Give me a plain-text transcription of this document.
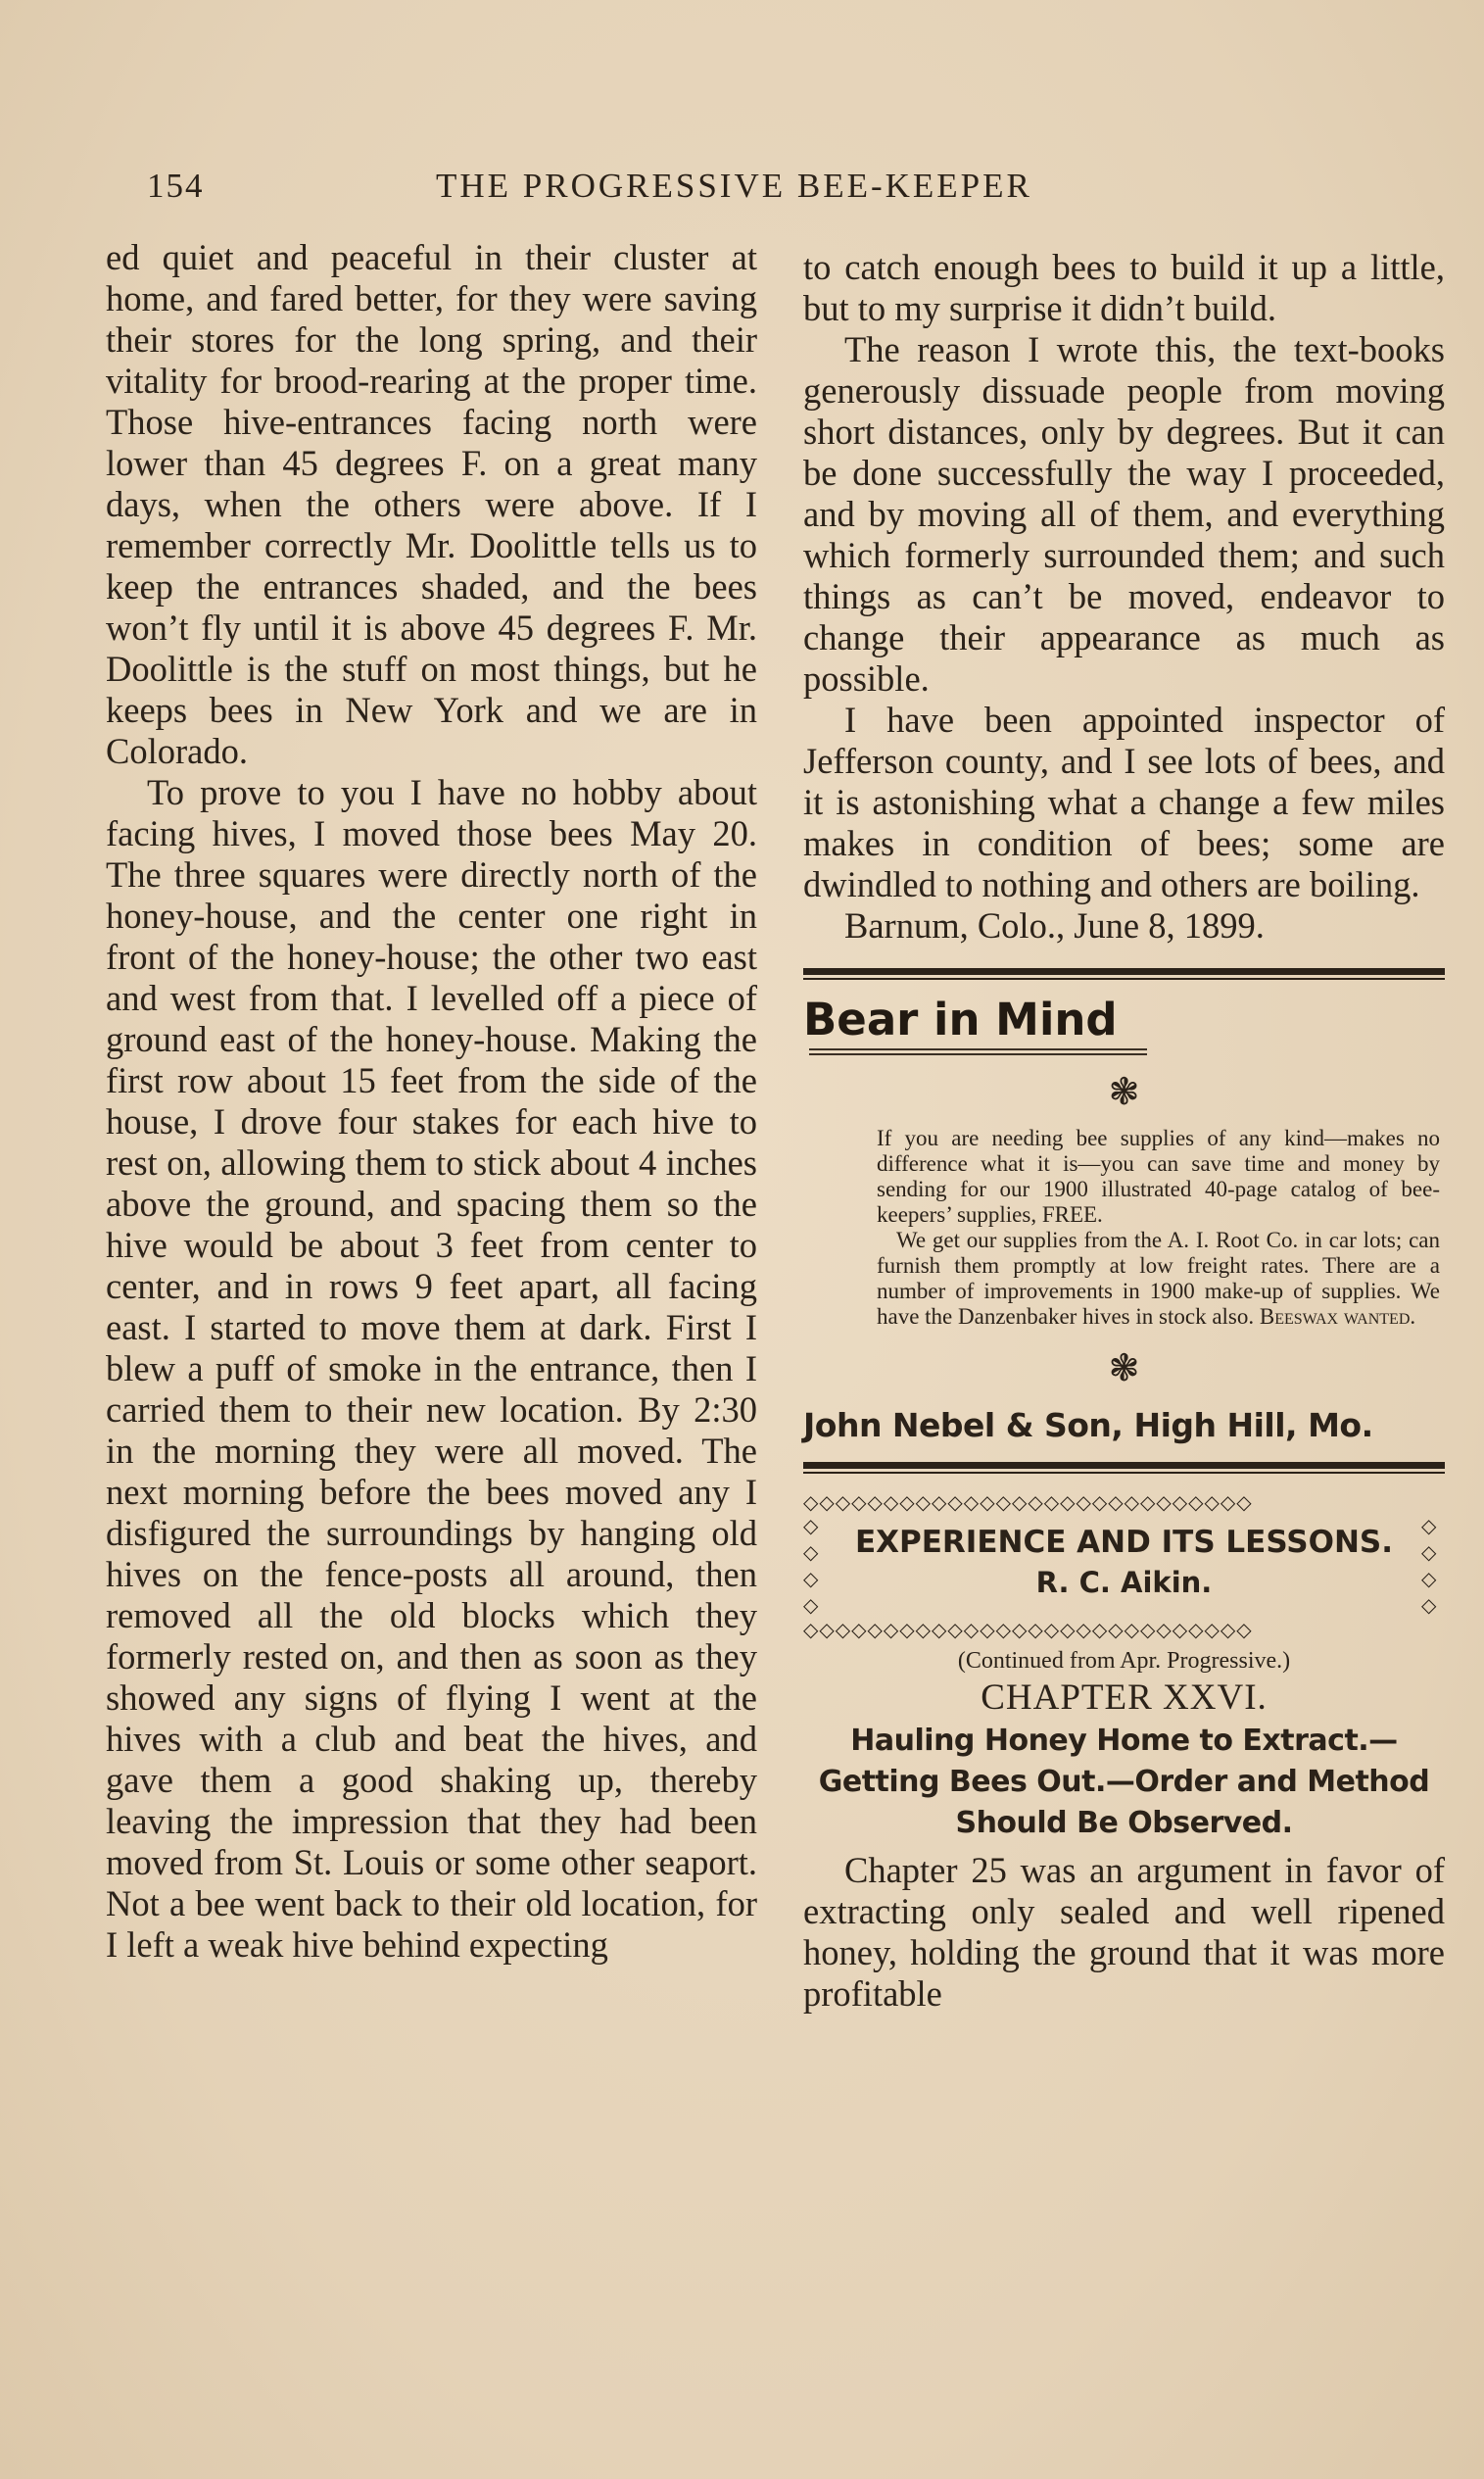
154	THE PROGRESSIVE BEE-KEEPER

ed quiet and peaceful in their cluster at home, and fared better, for they were saving their stores for the long spring, and their vitality for brood-rearing at the proper time. Those hive-entrances facing north were lower than 45 degrees F. on a great many days, when the others were above. If I remember correctly Mr. Doolittle tells us to keep the entrances shaded, and the bees won’t fly until it is above 45 degrees F. Mr. Doolittle is the stuff on most things, but he keeps bees in New York and we are in Colorado.

To prove to you I have no hobby about facing hives, I moved those bees May 20. The three squares were directly north of the honey-house, and the center one right in front of the honey-house; the other two east and west from that. I levelled off a piece of ground east of the honey-house. Making the first row about 15 feet from the side of the house, I drove four stakes for each hive to rest on, allowing them to stick about 4 inches above the ground, and spacing them so the hive would be about 3 feet from center to center, and in rows 9 feet apart, all facing east. I started to move them at dark. First I blew a puff of smoke in the entrance, then I carried them to their new location. By 2:30 in the morning they were all moved. The next morning before the bees moved any I disfigured the surroundings by hanging old hives on the fence-posts all around, then removed all the old blocks which they formerly rested on, and then as soon as they showed any signs of flying I went at the hives with a club and beat the hives, and gave them a good shaking up, thereby leaving the impression that they had been moved from St. Louis or some other seaport. Not a bee went back to their old location, for I left a weak hive behind expecting

to catch enough bees to build it up a little, but to my surprise it didn’t build.

The reason I wrote this, the text-books generously dissuade people from moving short distances, only by degrees. But it can be done successfully the way I proceeded, and by moving all of them, and everything which formerly surrounded them; and such things as can’t be moved, endeavor to change their appearance as much as possible.

I have been appointed inspector of Jefferson county, and I see lots of bees, and it is astonishing what a change a few miles makes in condition of bees; some are dwindled to nothing and others are boiling.

Barnum, Colo., June 8, 1899.

Bear in Mind

❃

If you are needing bee supplies of any kind—makes no difference what it is—you can save time and money by sending for our 1900 illustrated 40-page catalog of bee-keepers’ supplies, FREE.

We get our supplies from the A. I. Root Co. in car lots; can furnish them promptly at low freight rates. There are a number of improvements in 1900 make-up of supplies. We have the Danzenbaker hives in stock also. Beeswax wanted.

❃

John Nebel & Son, High Hill, Mo.

◇◇◇◇◇◇◇◇◇◇◇◇◇◇◇◇◇◇◇◇◇◇◇◇◇◇◇◇
◇
◇
◇
◇

EXPERIENCE AND ITS LESSONS.

R. C. Aikin.

◇
◇
◇
◇
◇◇◇◇◇◇◇◇◇◇◇◇◇◇◇◇◇◇◇◇◇◇◇◇◇◇◇◇

(Continued from Apr. Progressive.)

CHAPTER XXVI.

Hauling Honey Home to Extract.—Getting Bees Out.—Order and Method Should Be Observed.

Chapter 25 was an argument in favor of extracting only sealed and well ripened honey, holding the ground that it was more profitable
